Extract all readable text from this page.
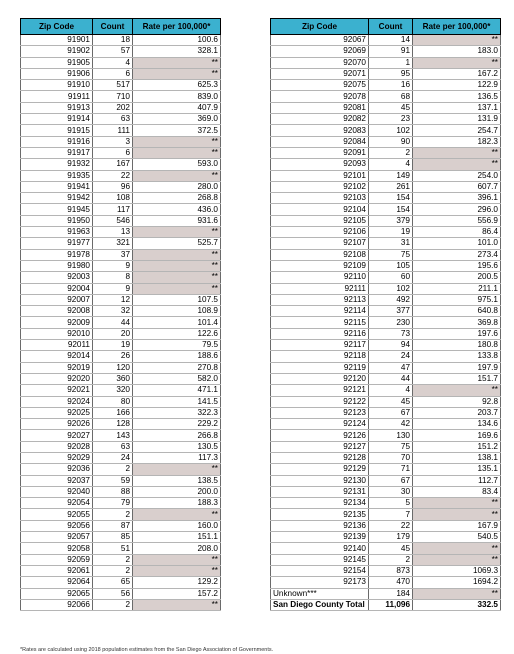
Zip Code	Count	Rate per 100,000*
91901	18	100.6
91902	57	328.1
91905	4	**
91906	6	**
91910	517	625.3
91911	710	839.0
91913	202	407.9
91914	63	369.0
91915	111	372.5
91916	3	**
91917	6	**
91932	167	593.0
91935	22	**
91941	96	280.0
91942	108	268.8
91945	117	436.0
91950	546	931.6
91963	13	**
91977	321	525.7
91978	37	**
91980	9	**
92003	8	**
92004	9	**
92007	12	107.5
92008	32	108.9
92009	44	101.4
92010	20	122.6
92011	19	79.5
92014	26	188.6
92019	120	270.8
92020	360	582.0
92021	320	471.1
92024	80	141.5
92025	166	322.3
92026	128	229.2
92027	143	266.8
92028	63	130.5
92029	24	117.3
92036	2	**
92037	59	138.5
92040	88	200.0
92054	79	188.3
92055	2	**
92056	87	160.0
92057	85	151.1
92058	51	208.0
92059	2	**
92061	2	**
92064	65	129.2
92065	56	157.2
92066	2	**
Zip Code	Count	Rate per 100,000*
92067	14	**
92069	91	183.0
92070	1	**
92071	95	167.2
92075	16	122.9
92078	68	136.5
92081	45	137.1
92082	23	131.9
92083	102	254.7
92084	90	182.3
92091	2	**
92093	4	**
92101	149	254.0
92102	261	607.7
92103	154	396.1
92104	154	296.0
92105	379	556.9
92106	19	86.4
92107	31	101.0
92108	75	273.4
92109	105	195.6
92110	60	200.5
92111	102	211.1
92113	492	975.1
92114	377	640.8
92115	230	369.8
92116	73	197.6
92117	94	180.8
92118	24	133.8
92119	47	197.9
92120	44	151.7
92121	4	**
92122	45	92.8
92123	67	203.7
92124	42	134.6
92126	130	169.6
92127	75	151.2
92128	70	138.1
92129	71	135.1
92130	67	112.7
92131	30	83.4
92134	5	**
92135	7	**
92136	22	167.9
92139	179	540.5
92140	45	**
92145	2	**
92154	873	1069.3
92173	470	1694.2
Unknown***	184	**
San Diego County Total	11,096	332.5
*Rates are calculated using 2018 population estimates from the San Diego Association of Governments.
